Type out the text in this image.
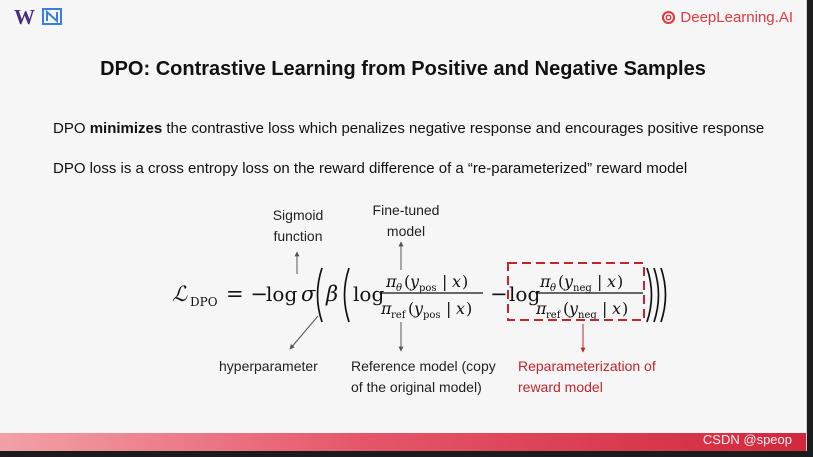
W	DeepLearning.AI
DPO: Contrastive Learning from Positive and Negative Samples
DPO minimizes the contrastive loss which penalizes negative response and encourages positive response
DPO loss is a cross entropy loss on the reward difference of a “re-parameterized” reward model
ℒ DPO = −
log σ β log
π θ ( y pos | x )
π ref ( y pos | x )
− log
π θ ( y neg | x )
π ref ( y neg | x )
Sigmoid
function
Fine-tuned
model
hyperparameter Reference model (copy
of the original model)
Reparameterization of
reward model
CSDN @speop
